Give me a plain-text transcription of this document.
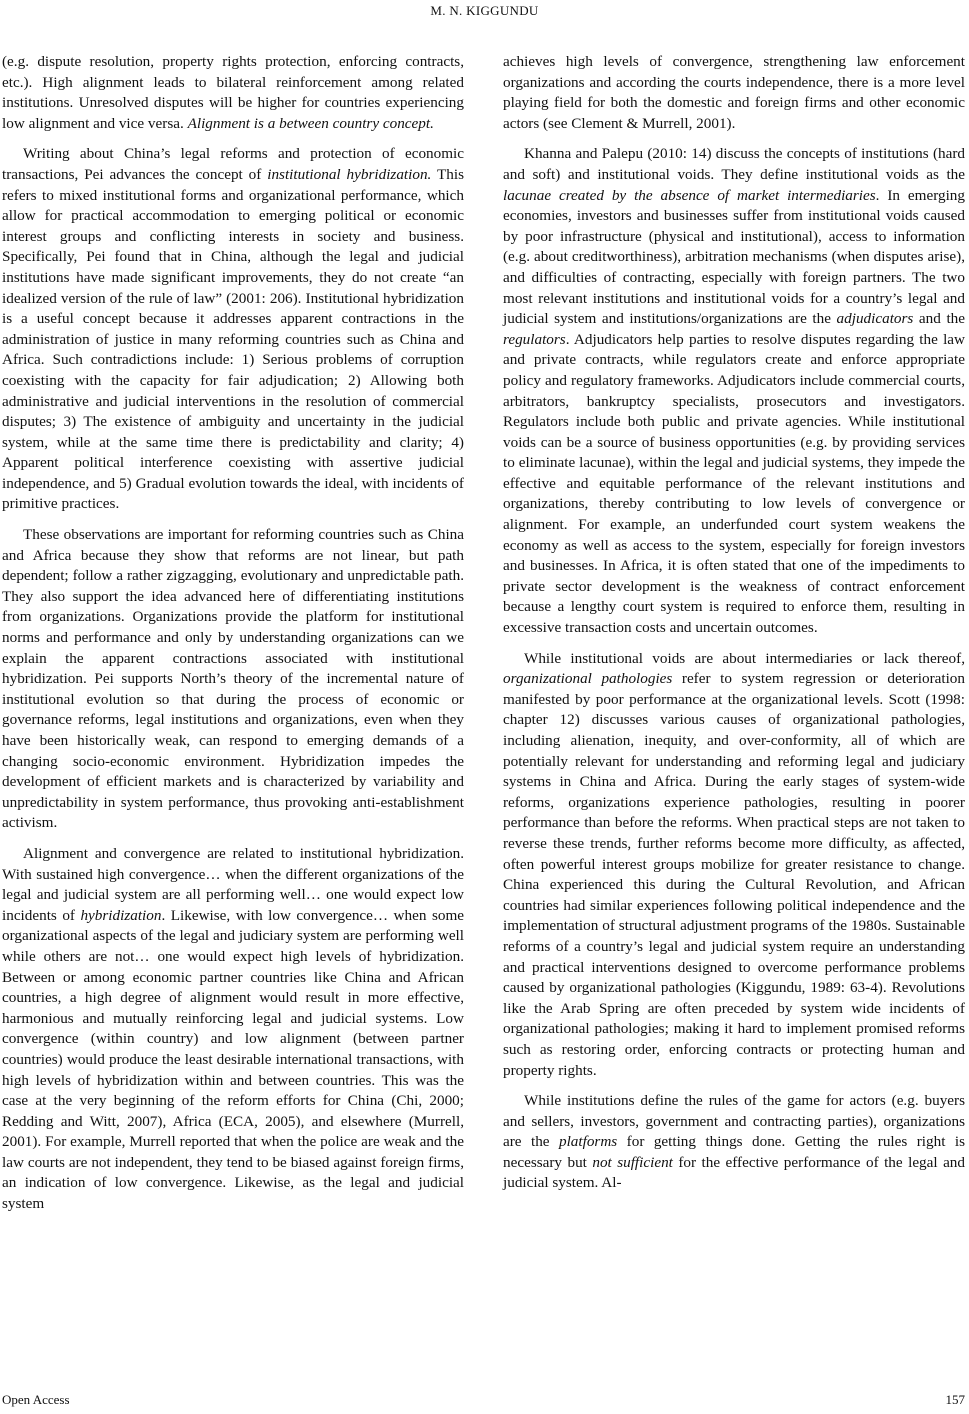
M. N. KIGGUNDU

(e.g. dispute resolution, property rights protection, enforcing contracts, etc.). High alignment leads to bilateral reinforcement among related institutions. Unresolved disputes will be higher for countries experiencing low alignment and vice versa. Alignment is a between country concept.

Writing about China’s legal reforms and protection of economic transactions, Pei advances the concept of institutional hybridization. This refers to mixed institutional forms and organizational performance, which allow for practical accommodation to emerging political or economic interest groups and conflicting interests in society and business. Specifically, Pei found that in China, although the legal and judicial institutions have made significant improvements, they do not create “an idealized version of the rule of law” (2001: 206). Institutional hybridization is a useful concept because it addresses apparent contractions in the administration of justice in many reforming countries such as China and Africa. Such contradictions include: 1) Serious problems of corruption coexisting with the capacity for fair adjudication; 2) Allowing both administrative and judicial interventions in the resolution of commercial disputes; 3) The existence of ambiguity and uncertainty in the judicial system, while at the same time there is predictability and clarity; 4) Apparent political interference coexisting with assertive judicial independence, and 5) Gradual evolution towards the ideal, with incidents of primitive practices.

These observations are important for reforming countries such as China and Africa because they show that reforms are not linear, but path dependent; follow a rather zigzagging, evolutionary and unpredictable path. They also support the idea advanced here of differentiating institutions from organizations. Organizations provide the platform for institutional norms and performance and only by understanding organizations can we explain the apparent contractions associated with institutional hybridization. Pei supports North’s theory of the incremental nature of institutional evolution so that during the process of economic or governance reforms, legal institutions and organizations, even when they have been historically weak, can respond to emerging demands of a changing socio-economic environment. Hybridization impedes the development of efficient markets and is characterized by variability and unpredictability in system performance, thus provoking anti-establishment activism.

Alignment and convergence are related to institutional hybridization. With sustained high convergence… when the different organizations of the legal and judicial system are all performing well… one would expect low incidents of hybridization. Likewise, with low convergence… when some organizational aspects of the legal and judiciary system are performing well while others are not… one would expect high levels of hybridization. Between or among economic partner countries like China and African countries, a high degree of alignment would result in more effective, harmonious and mutually reinforcing legal and judicial systems. Low convergence (within country) and low alignment (between partner countries) would produce the least desirable international transactions, with high levels of hybridization within and between countries. This was the case at the very beginning of the reform efforts for China (Chi, 2000; Redding and Witt, 2007), Africa (ECA, 2005), and elsewhere (Murrell, 2001). For example, Murrell reported that when the police are weak and the law courts are not independent, they tend to be biased against foreign firms, an indication of low convergence. Likewise, as the legal and judicial system

achieves high levels of convergence, strengthening law enforcement organizations and according the courts independence, there is a more level playing field for both the domestic and foreign firms and other economic actors (see Clement & Murrell, 2001).

Khanna and Palepu (2010: 14) discuss the concepts of institutions (hard and soft) and institutional voids. They define institutional voids as the lacunae created by the absence of market intermediaries. In emerging economies, investors and businesses suffer from institutional voids caused by poor infrastructure (physical and institutional), access to information (e.g. about creditworthiness), arbitration mechanisms (when disputes arise), and difficulties of contracting, especially with foreign partners. The two most relevant institutions and institutional voids for a country’s legal and judicial system and institutions/organizations are the adjudicators and the regulators. Adjudicators help parties to resolve disputes regarding the law and private contracts, while regulators create and enforce appropriate policy and regulatory frameworks. Adjudicators include commercial courts, arbitrators, bankruptcy specialists, prosecutors and investigators. Regulators include both public and private agencies. While institutional voids can be a source of business opportunities (e.g. by providing services to eliminate lacunae), within the legal and judicial systems, they impede the effective and equitable performance of the relevant institutions and organizations, thereby contributing to low levels of convergence or alignment. For example, an underfunded court system weakens the economy as well as access to the system, especially for foreign investors and businesses. In Africa, it is often stated that one of the impediments to private sector development is the weakness of contract enforcement because a lengthy court system is required to enforce them, resulting in excessive transaction costs and uncertain outcomes.

While institutional voids are about intermediaries or lack thereof, organizational pathologies refer to system regression or deterioration manifested by poor performance at the organizational levels. Scott (1998: chapter 12) discusses various causes of organizational pathologies, including alienation, inequity, and over-conformity, all of which are potentially relevant for understanding and reforming legal and judiciary systems in China and Africa. During the early stages of system-wide reforms, organizations experience pathologies, resulting in poorer performance than before the reforms. When practical steps are not taken to reverse these trends, further reforms become more difficulty, as affected, often powerful interest groups mobilize for greater resistance to change. China experienced this during the Cultural Revolution, and African countries had similar experiences following political independence and the implementation of structural adjustment programs of the 1980s. Sustainable reforms of a country’s legal and judicial system require an understanding and practical interventions designed to overcome performance problems caused by organizational pathologies (Kiggundu, 1989: 63-4). Revolutions like the Arab Spring are often preceded by system wide incidents of organizational pathologies; making it hard to implement promised reforms such as restoring order, enforcing contracts or protecting human and property rights.

While institutions define the rules of the game for actors (e.g. buyers and sellers, investors, government and contracting parties), organizations are the platforms for getting things done. Getting the rules right is necessary but not sufficient for the effective performance of the legal and judicial system. Al-

Open Access	157
